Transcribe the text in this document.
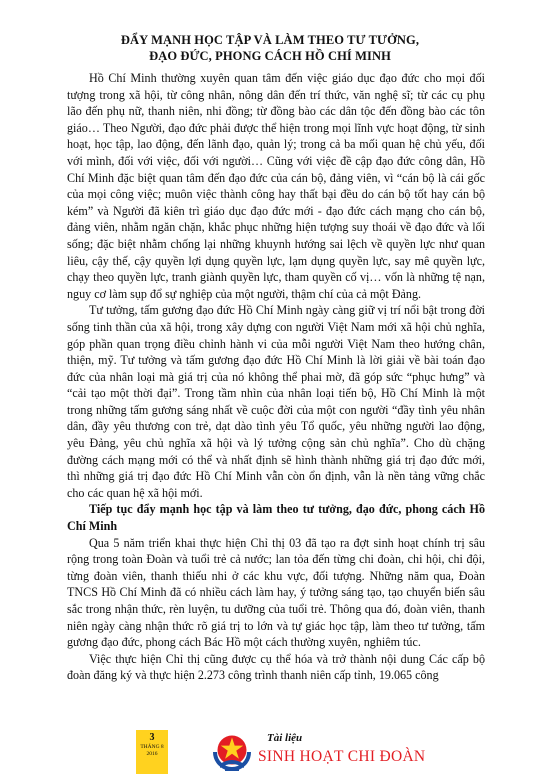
ĐẨY MẠNH HỌC TẬP VÀ LÀM THEO TƯ TƯỞNG,
ĐẠO ĐỨC, PHONG CÁCH HỒ CHÍ MINH

Hồ Chí Minh thường xuyên quan tâm đến việc giáo dục đạo đức cho mọi đối tượng trong xã hội, từ công nhân, nông dân đến trí thức, văn nghệ sĩ; từ các cụ phụ lão đến phụ nữ, thanh niên, nhi đồng; từ đồng bào các dân tộc đến đồng bào các tôn giáo… Theo Người, đạo đức phải được thể hiện trong mọi lĩnh vực hoạt động, từ sinh hoạt, học tập, lao động, đến lãnh đạo, quản lý; trong cả ba mối quan hệ chủ yếu, đối với mình, đối với việc, đối với người… Cũng với việc đề cập đạo đức công dân, Hồ Chí Minh đặc biệt quan tâm đến đạo đức của cán bộ, đảng viên, vì “cán bộ là cái gốc của mọi công việc; muôn việc thành công hay thất bại đều do cán bộ tốt hay cán bộ kém” và Người đã kiên trì giáo dục đạo đức mới - đạo đức cách mạng cho cán bộ, đảng viên, nhằm ngăn chặn, khắc phục những hiện tượng suy thoái về đạo đức và lối sống; đặc biệt nhằm chống lại những khuynh hướng sai lệch về quyền lực như quan liêu, cậy thế, cậy quyền lợi dụng quyền lực, lạm dụng quyền lực, say mê quyền lực, chạy theo quyền lực, tranh giành quyền lực, tham quyền cố vị… vốn là những tệ nạn, nguy cơ làm sụp đổ sự nghiệp của một người, thậm chí của cả một Đảng.

Tư tưởng, tấm gương đạo đức Hồ Chí Minh ngày càng giữ vị trí nổi bật trong đời sống tinh thần của xã hội, trong xây dựng con người Việt Nam mới xã hội chủ nghĩa, góp phần quan trọng điều chỉnh hành vi của mỗi người Việt Nam theo hướng chân, thiện, mỹ. Tư tưởng và tấm gương đạo đức Hồ Chí Minh là lời giải về bài toán đạo đức của nhân loại mà giá trị của nó không thể phai mờ, đã góp sức “phục hưng” và “cải tạo một thời đại”. Trong tầm nhìn của nhân loại tiến bộ, Hồ Chí Minh là một trong những tấm gương sáng nhất về cuộc đời của một con người “đầy tình yêu nhân dân, đầy yêu thương con trẻ, dạt dào tình yêu Tổ quốc, yêu những người lao động, yêu Đảng, yêu chủ nghĩa xã hội và lý tưởng cộng sản chủ nghĩa”. Cho dù chặng đường cách mạng mới có thể và nhất định sẽ hình thành những giá trị đạo đức mới, thì những giá trị đạo đức Hồ Chí Minh vẫn còn ổn định, vẫn là nền tảng vững chắc cho các quan hệ xã hội mới.

Tiếp tục đẩy mạnh học tập và làm theo tư tưởng, đạo đức, phong cách Hồ Chí Minh

Qua 5 năm triển khai thực hiện Chỉ thị 03 đã tạo ra đợt sinh hoạt chính trị sâu rộng trong toàn Đoàn và tuổi trẻ cả nước; lan tỏa đến từng chi đoàn, chi hội, chi đội, từng đoàn viên, thanh thiếu nhi ở các khu vực, đối tượng. Những năm qua, Đoàn TNCS Hồ Chí Minh đã có nhiều cách làm hay, ý tưởng sáng tạo, tạo chuyển biến sâu sắc trong nhận thức, rèn luyện, tu dưỡng của tuổi trẻ. Thông qua đó, đoàn viên, thanh niên ngày càng nhận thức rõ giá trị to lớn và tự giác học tập, làm theo tư tưởng, tấm gương đạo đức, phong cách Bác Hồ một cách thường xuyên, nghiêm túc.

Việc thực hiện Chỉ thị cũng được cụ thể hóa và trở thành nội dung Các cấp bộ đoàn đăng ký và thực hiện 2.273 công trình thanh niên cấp tỉnh, 19.065 công

3
THÁNG 8
2016
Tài liệu
SINH HOẠT CHI ĐOÀN
